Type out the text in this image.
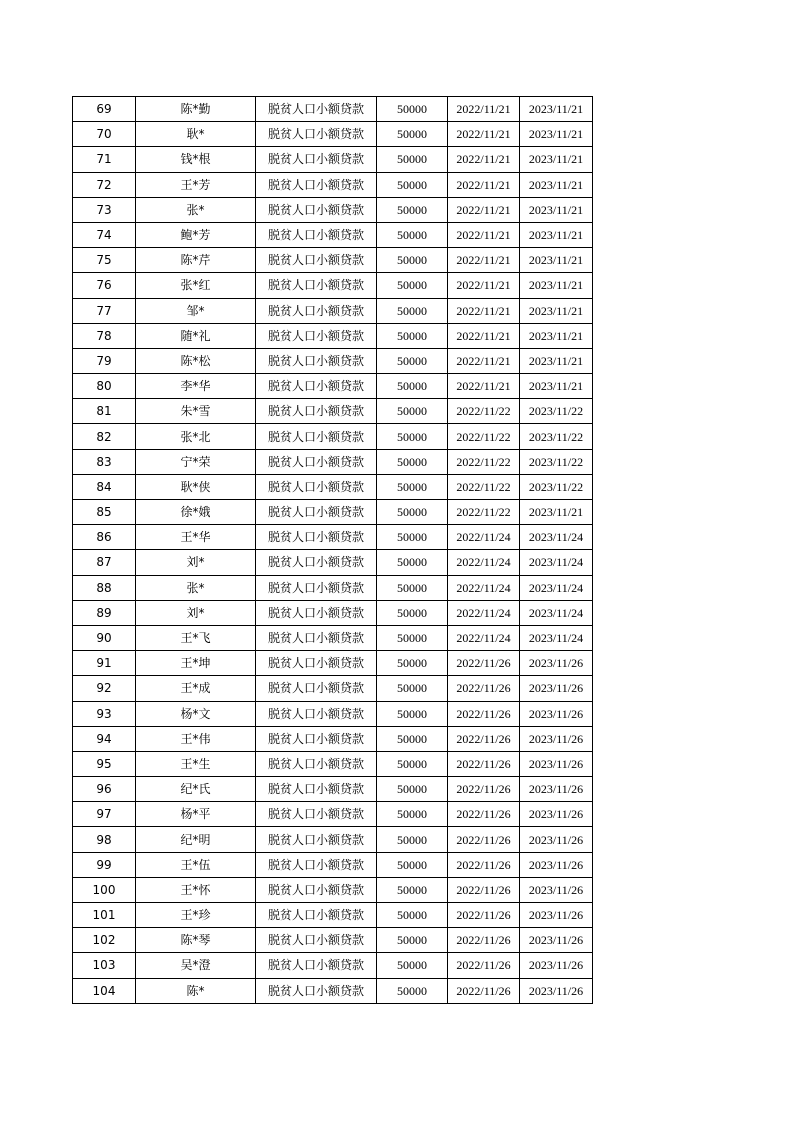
69	陈*勤	脱贫人口小额贷款	50000	2022/11/21	2023/11/21
70	耿*	脱贫人口小额贷款	50000	2022/11/21	2023/11/21
71	钱*根	脱贫人口小额贷款	50000	2022/11/21	2023/11/21
72	王*芳	脱贫人口小额贷款	50000	2022/11/21	2023/11/21
73	张*	脱贫人口小额贷款	50000	2022/11/21	2023/11/21
74	鲍*芳	脱贫人口小额贷款	50000	2022/11/21	2023/11/21
75	陈*芹	脱贫人口小额贷款	50000	2022/11/21	2023/11/21
76	张*红	脱贫人口小额贷款	50000	2022/11/21	2023/11/21
77	邹*	脱贫人口小额贷款	50000	2022/11/21	2023/11/21
78	随*礼	脱贫人口小额贷款	50000	2022/11/21	2023/11/21
79	陈*松	脱贫人口小额贷款	50000	2022/11/21	2023/11/21
80	李*华	脱贫人口小额贷款	50000	2022/11/21	2023/11/21
81	朱*雪	脱贫人口小额贷款	50000	2022/11/22	2023/11/22
82	张*北	脱贫人口小额贷款	50000	2022/11/22	2023/11/22
83	宁*荣	脱贫人口小额贷款	50000	2022/11/22	2023/11/22
84	耿*侠	脱贫人口小额贷款	50000	2022/11/22	2023/11/22
85	徐*娥	脱贫人口小额贷款	50000	2022/11/22	2023/11/21
86	王*华	脱贫人口小额贷款	50000	2022/11/24	2023/11/24
87	刘*	脱贫人口小额贷款	50000	2022/11/24	2023/11/24
88	张*	脱贫人口小额贷款	50000	2022/11/24	2023/11/24
89	刘*	脱贫人口小额贷款	50000	2022/11/24	2023/11/24
90	王*飞	脱贫人口小额贷款	50000	2022/11/24	2023/11/24
91	王*坤	脱贫人口小额贷款	50000	2022/11/26	2023/11/26
92	王*成	脱贫人口小额贷款	50000	2022/11/26	2023/11/26
93	杨*文	脱贫人口小额贷款	50000	2022/11/26	2023/11/26
94	王*伟	脱贫人口小额贷款	50000	2022/11/26	2023/11/26
95	王*生	脱贫人口小额贷款	50000	2022/11/26	2023/11/26
96	纪*氏	脱贫人口小额贷款	50000	2022/11/26	2023/11/26
97	杨*平	脱贫人口小额贷款	50000	2022/11/26	2023/11/26
98	纪*明	脱贫人口小额贷款	50000	2022/11/26	2023/11/26
99	王*伍	脱贫人口小额贷款	50000	2022/11/26	2023/11/26
100	王*怀	脱贫人口小额贷款	50000	2022/11/26	2023/11/26
101	王*珍	脱贫人口小额贷款	50000	2022/11/26	2023/11/26
102	陈*琴	脱贫人口小额贷款	50000	2022/11/26	2023/11/26
103	吴*澄	脱贫人口小额贷款	50000	2022/11/26	2023/11/26
104	陈*	脱贫人口小额贷款	50000	2022/11/26	2023/11/26
